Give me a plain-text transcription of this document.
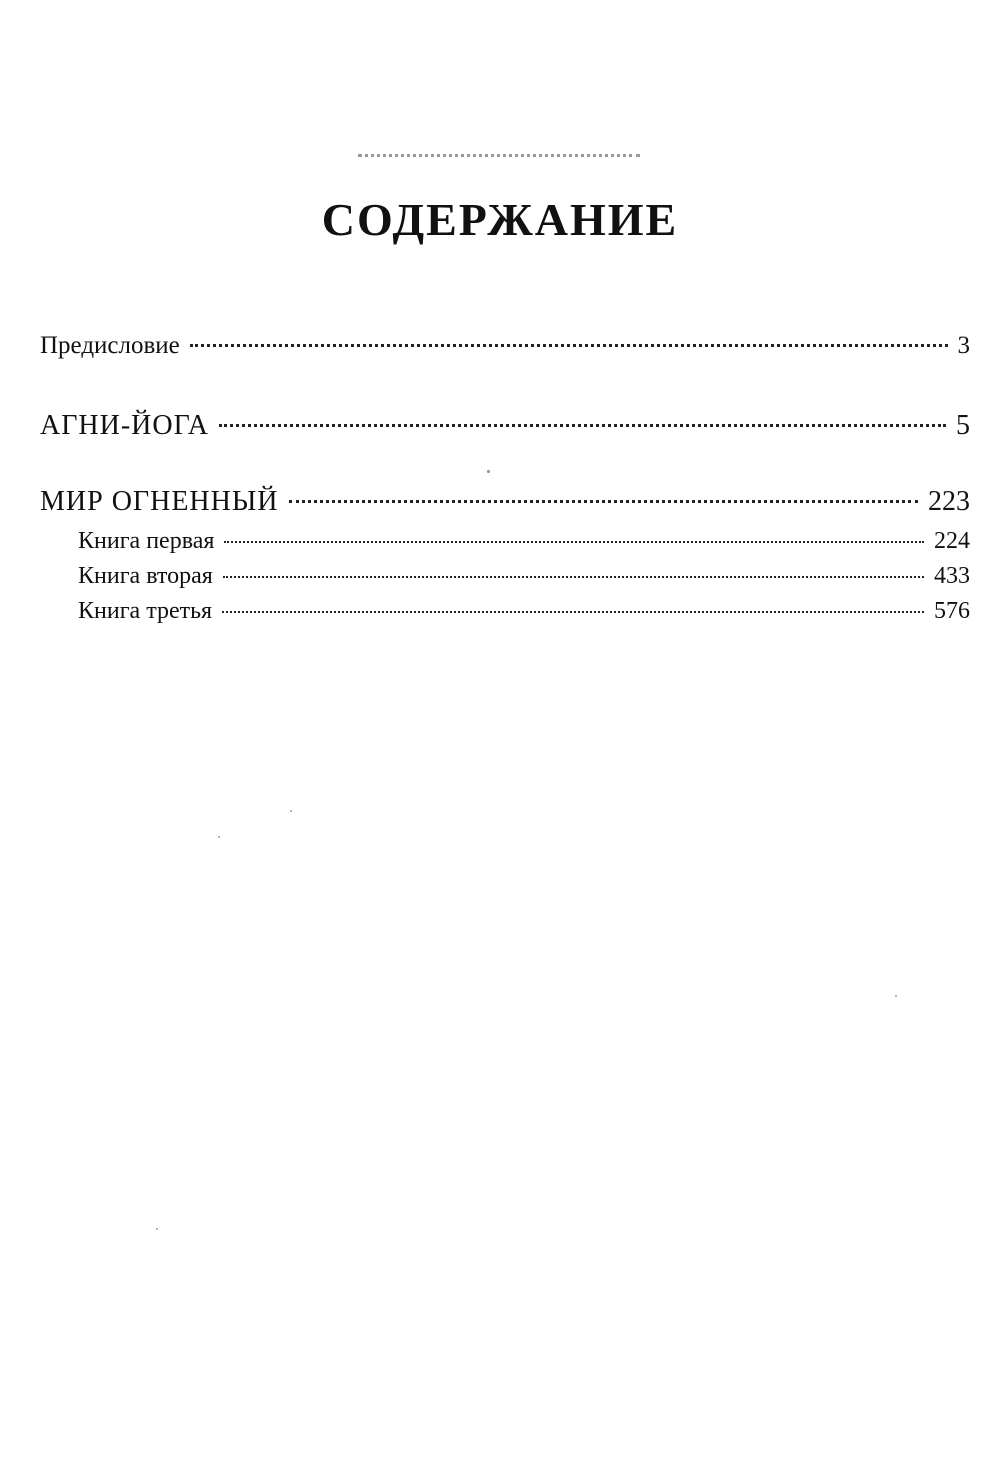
СОДЕРЖАНИЕ
Предисловие	3
АГНИ-ЙОГА	5
МИР ОГНЕННЫЙ	223
Книга первая	224
Книга вторая	433
Книга третья	576
